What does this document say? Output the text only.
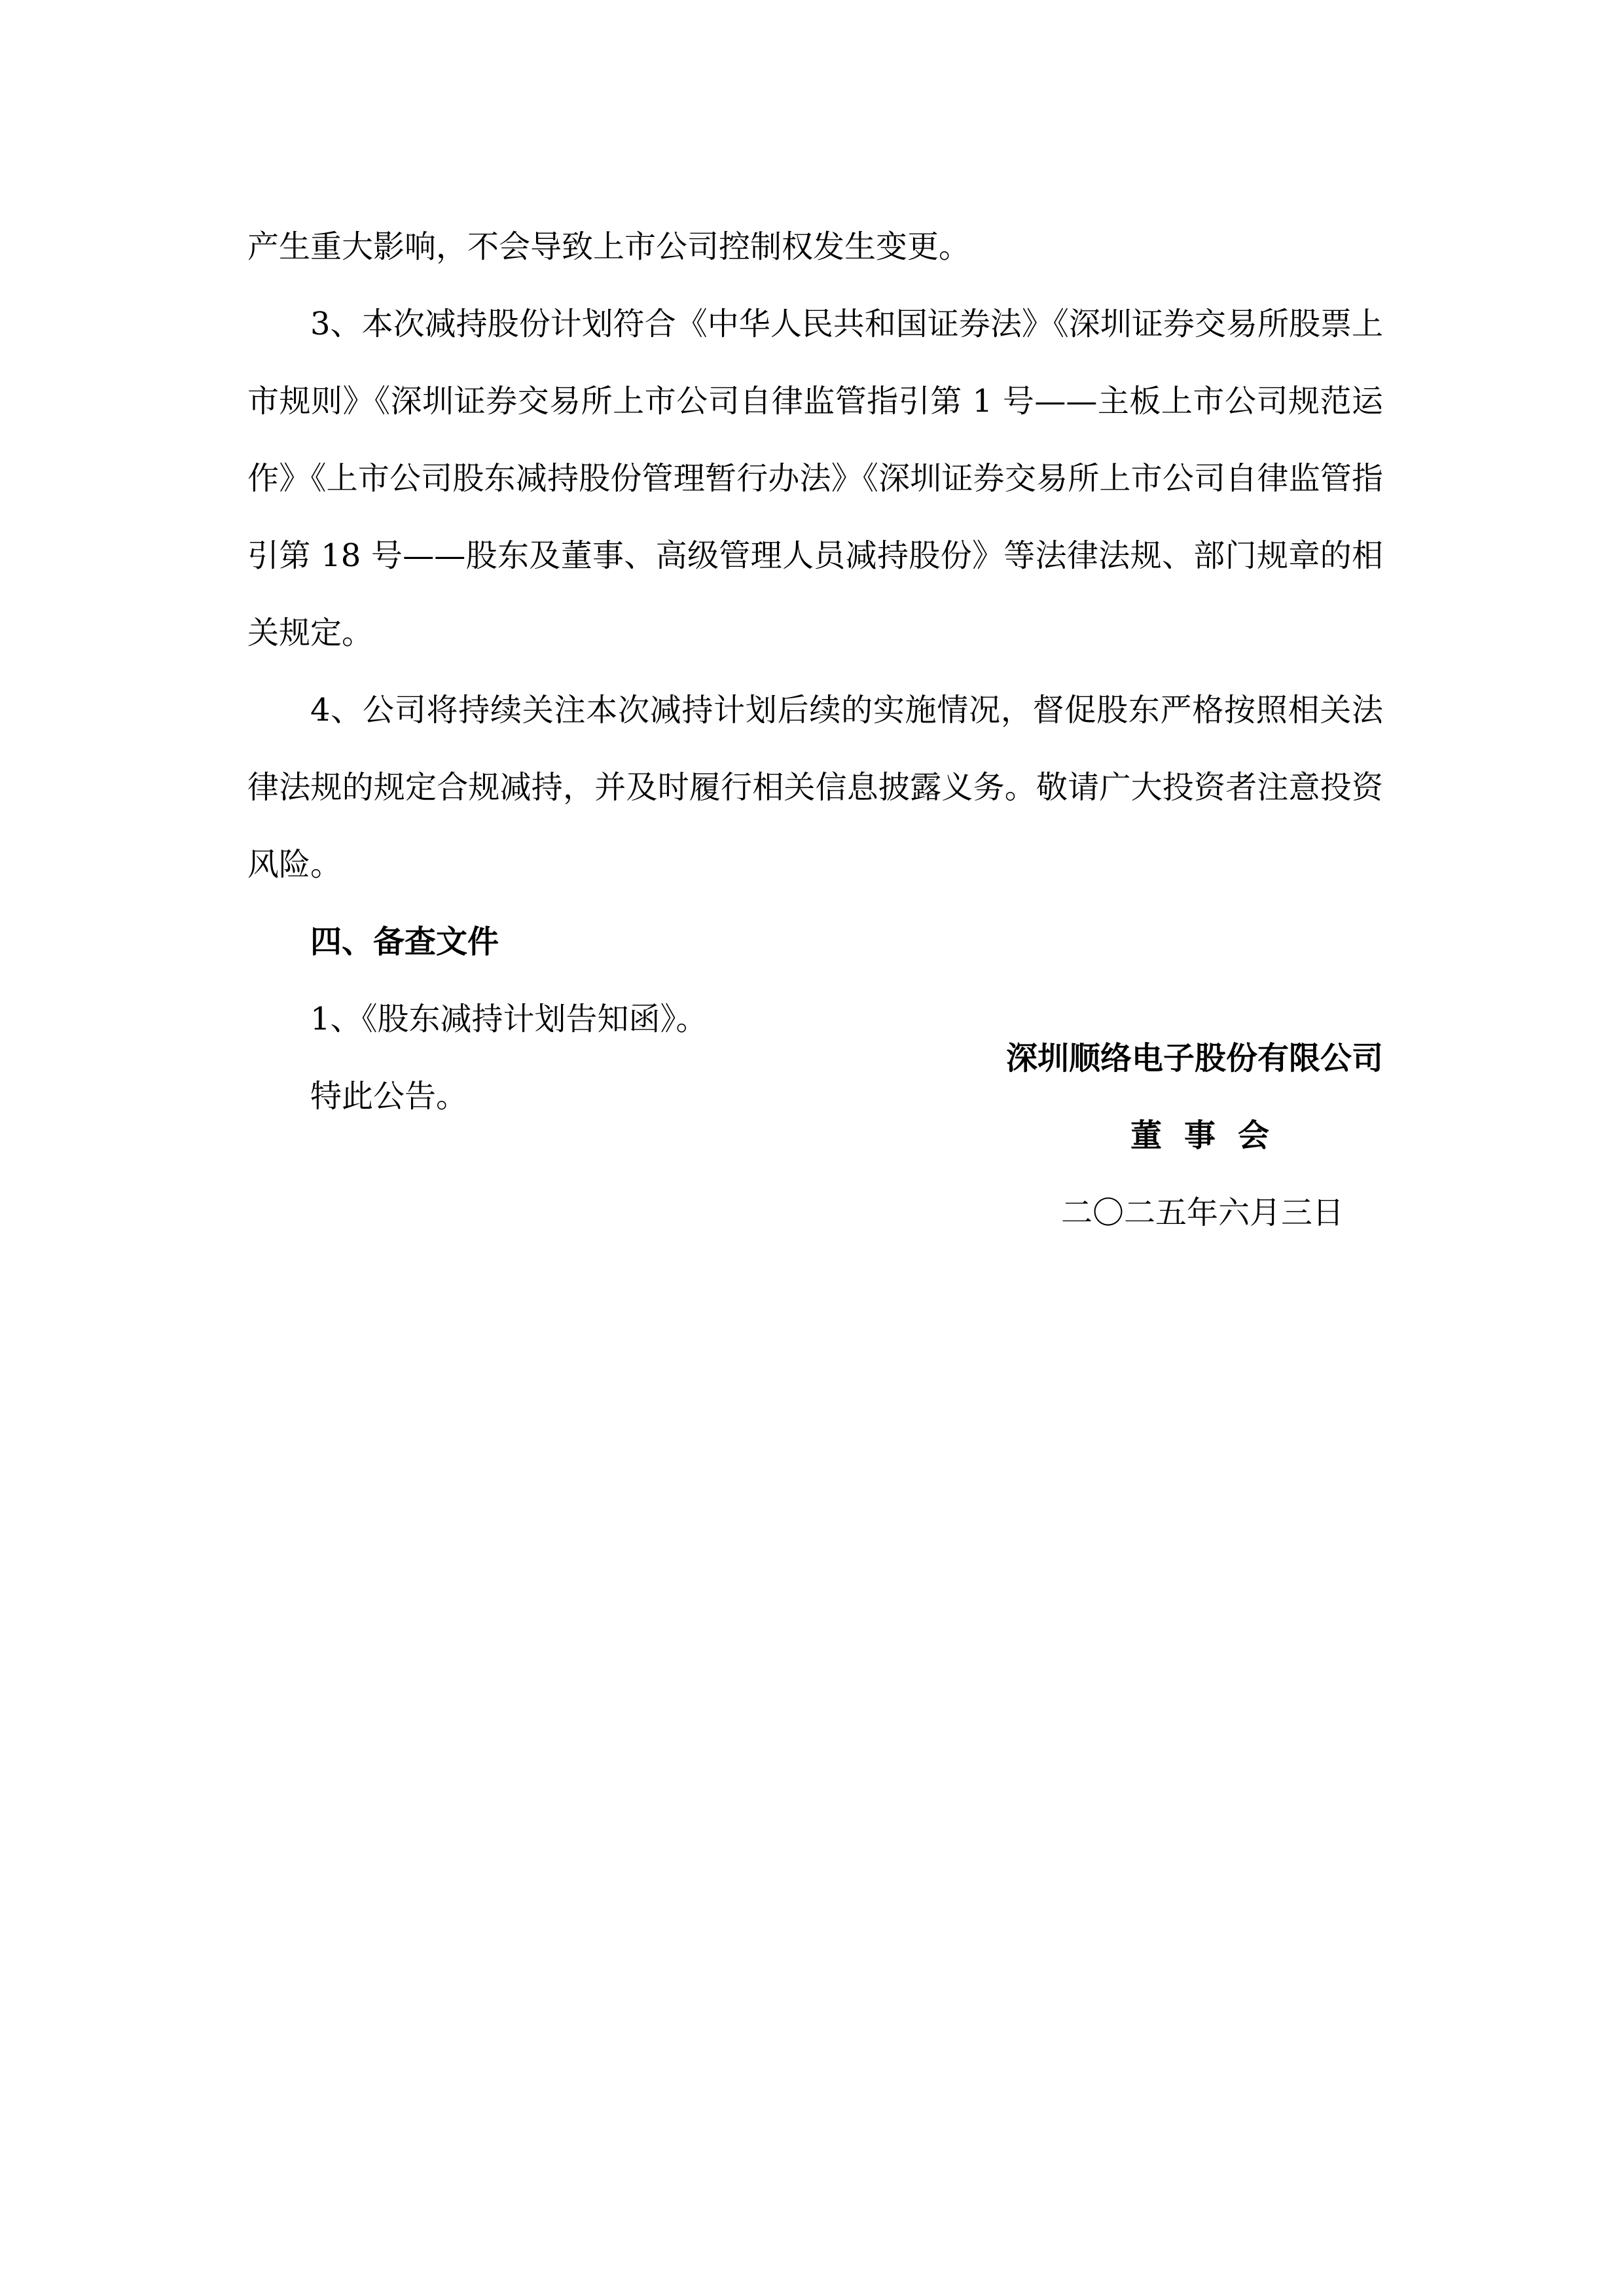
产生重大影响，不会导致上市公司控制权发生变更。

3、本次减持股份计划符合《中华人民共和国证券法》《深圳证券交易所股票上市规则》《深圳证券交易所上市公司自律监管指引第 1 号——主板上市公司规范运作》《上市公司股东减持股份管理暂行办法》《深圳证券交易所上市公司自律监管指引第 18 号——股东及董事、高级管理人员减持股份》等法律法规、部门规章的相关规定。

4、公司将持续关注本次减持计划后续的实施情况，督促股东严格按照相关法律法规的规定合规减持，并及时履行相关信息披露义务。敬请广大投资者注意投资风险。

四、备查文件

1、《股东减持计划告知函》。

特此公告。

深圳顺络电子股份有限公司
董事会
二〇二五年六月三日
